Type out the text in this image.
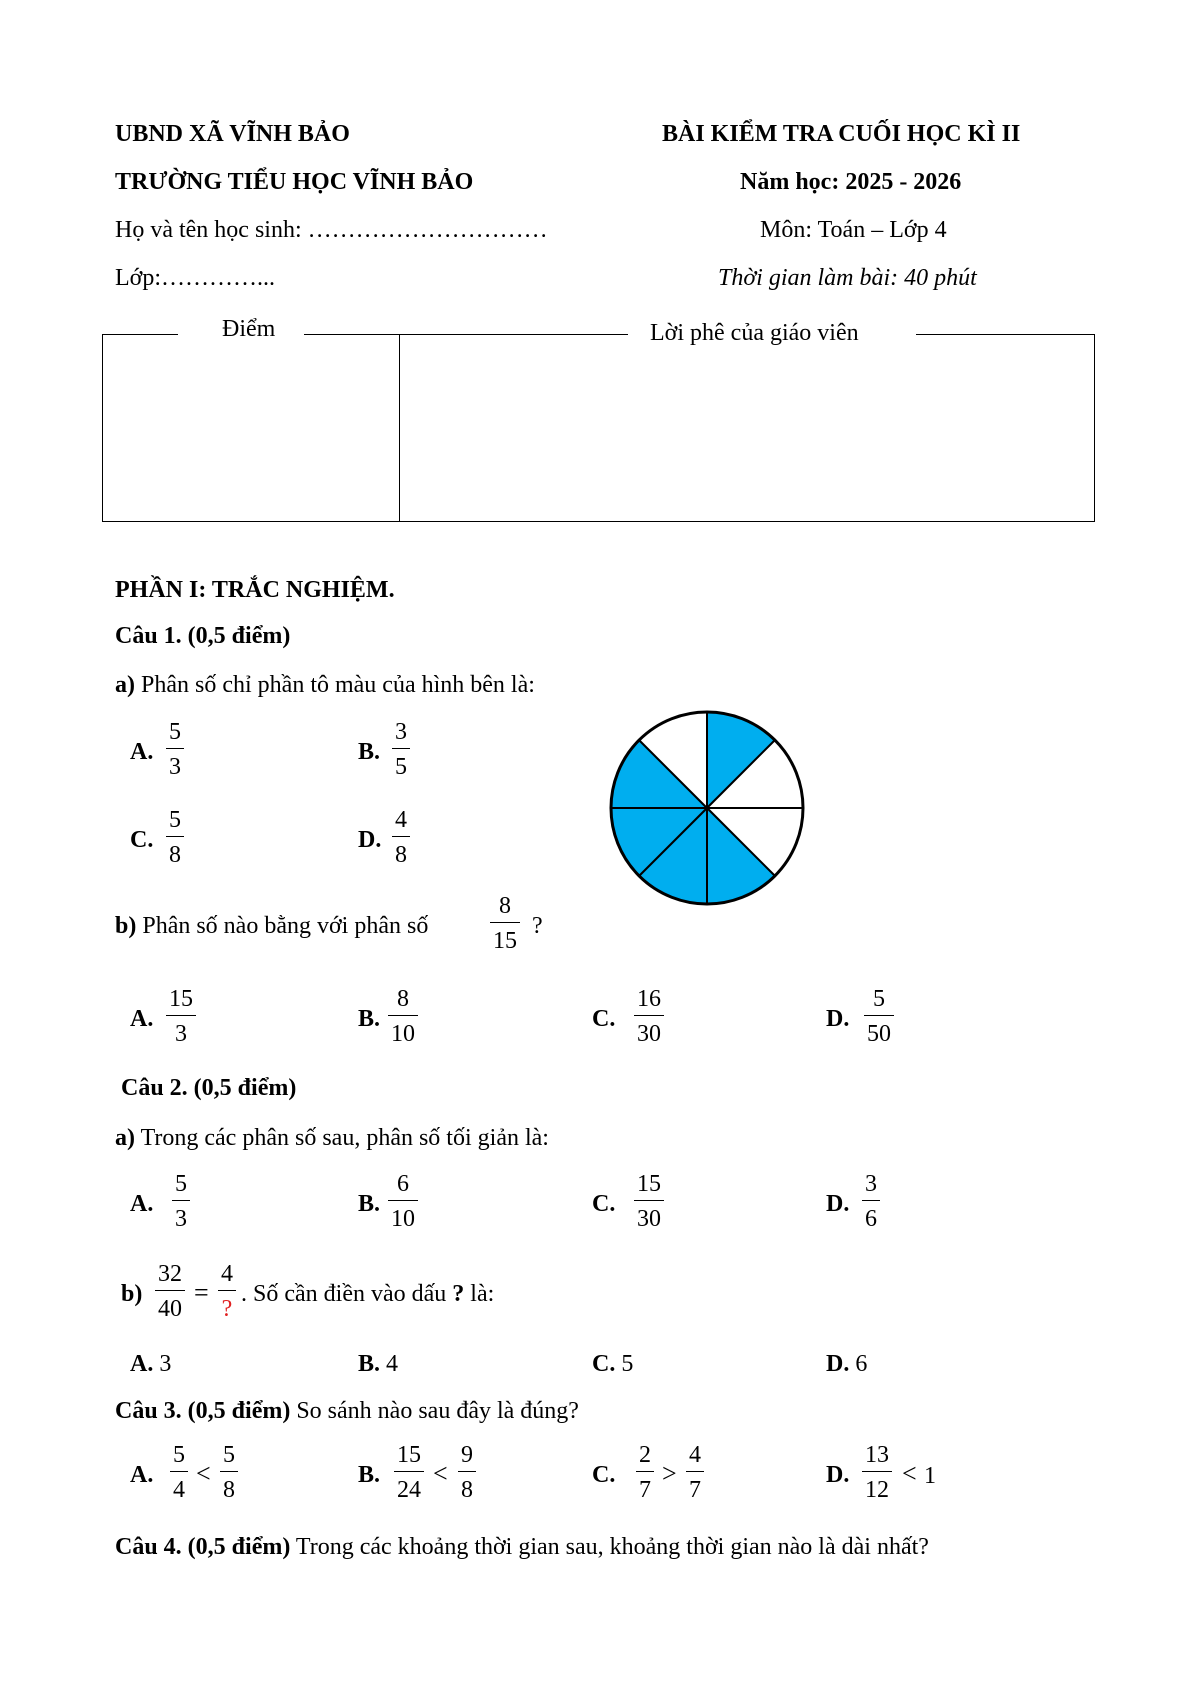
UBND XÃ VĨNH BẢO
TRƯỜNG TIỂU HỌC VĨNH BẢO
Họ và tên học sinh: …………………………
Lớp:…………...
BÀI KIỂM TRA CUỐI HỌC KÌ II
Năm học: 2025 - 2026
Môn: Toán – Lớp 4
Thời gian làm bài: 40 phút
Điểm	Lời phê của giáo viên
PHẦN I: TRẮC NGHIỆM.
Câu 1. (0,5 điểm)
a) Phân số chỉ phần tô màu của hình bên là:
A.
5
3
B.
3
5
C.
5
8
D.
4
8
b) Phân số nào bằng với phân số
8
15
?
A.
15
3
B.
8
10
C.
16
30
D.
5
50
Câu 2. (0,5 điểm)
a) Trong các phân số sau, phân số tối giản là:
A.
5
3
B.
6
10
C.
15
30
D.
3
6
b)
32
40
=
4
?
. Số cần điền vào dấu ? là:
A. 3	B. 4	C. 5	D. 6
Câu 3. (0,5 điểm) So sánh nào sau đây là đúng?
A.
5
4
<
5
8
B.
15
24
<
9
8
C.
2
7
>
4
7
D.
13
12
< 1
Câu 4. (0,5 điểm) Trong các khoảng thời gian sau, khoảng thời gian nào là dài nhất?
